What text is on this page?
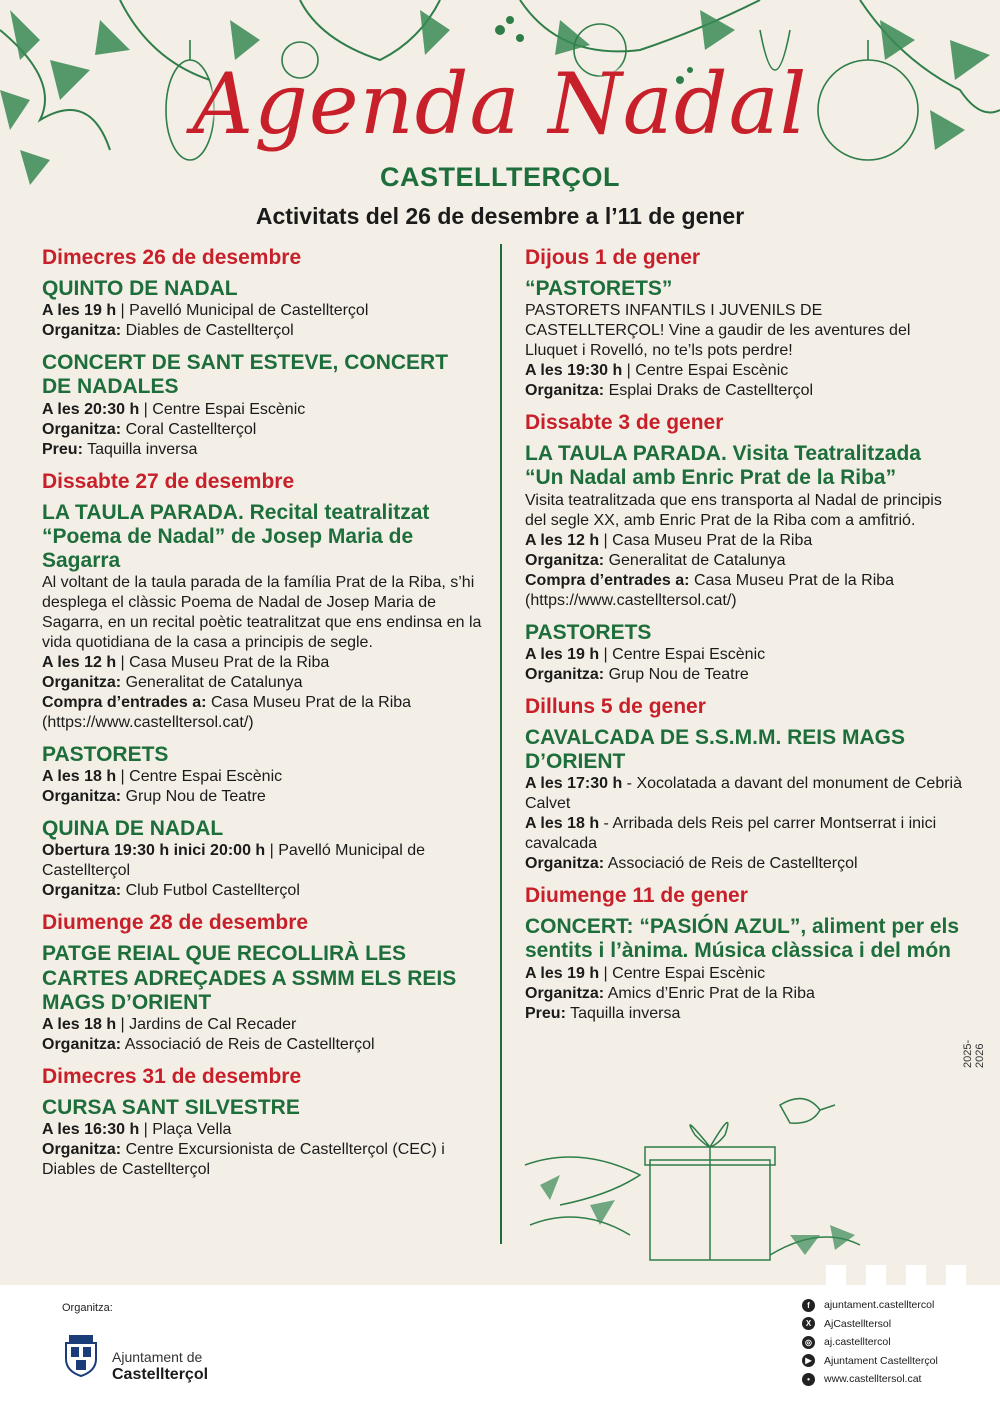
Agenda Nadal
CASTELLTERÇOL
Activitats del 26 de desembre a l’11 de gener
Dimecres 26 de desembre
QUINTO DE NADAL
A les 19 h | Pavelló Municipal de Castellterçol
Organitza: Diables de Castellterçol
CONCERT DE SANT ESTEVE, CONCERT DE NADALES
A les 20:30 h | Centre Espai Escènic
Organitza: Coral Castellterçol
Preu: Taquilla inversa
Dissabte 27 de desembre
LA TAULA PARADA. Recital teatralitzat “Poema de Nadal” de Josep Maria de Sagarra
Al voltant de la taula parada de la família Prat de la Riba, s’hi desplega el clàssic Poema de Nadal de Josep Maria de Sagarra, en un recital poètic teatralitzat que ens endinsa en la vida quotidiana de la casa a principis de segle.
A les 12 h | Casa Museu Prat de la Riba
Organitza: Generalitat de Catalunya
Compra d’entrades a: Casa Museu Prat de la Riba (https://www.castelltersol.cat/)
PASTORETS
A les 18 h | Centre Espai Escènic
Organitza: Grup Nou de Teatre
QUINA DE NADAL
Obertura 19:30 h inici 20:00 h | Pavelló Municipal de Castellterçol
Organitza: Club Futbol Castellterçol
Diumenge 28 de desembre
PATGE REIAL QUE RECOLLIRÀ LES CARTES ADREÇADES A SSMM ELS REIS MAGS D’ORIENT
A les 18 h | Jardins de Cal Recader
Organitza: Associació de Reis de Castellterçol
Dimecres 31 de desembre
CURSA SANT SILVESTRE
A les 16:30 h | Plaça Vella
Organitza: Centre Excursionista de Castellterçol (CEC) i Diables de Castellterçol
Dijous 1 de gener
“PASTORETS”
PASTORETS INFANTILS I JUVENILS DE CASTELLTERÇOL! Vine a gaudir de les aventures del Lluquet i Rovelló, no te’ls pots perdre!
A les 19:30 h | Centre Espai Escènic
Organitza: Esplai Draks de Castellterçol
Dissabte 3 de gener
LA TAULA PARADA. Visita Teatralitzada “Un Nadal amb Enric Prat de la Riba”
Visita teatralitzada que ens transporta al Nadal de principis del segle XX, amb Enric Prat de la Riba com a amfitrió.
A les 12 h | Casa Museu Prat de la Riba
Organitza: Generalitat de Catalunya
Compra d’entrades a: Casa Museu Prat de la Riba (https://www.castelltersol.cat/)
PASTORETS
A les 19 h | Centre Espai Escènic
Organitza: Grup Nou de Teatre
Dilluns 5 de gener
CAVALCADA DE S.S.M.M. REIS MAGS D’ORIENT
A les 17:30 h - Xocolatada a davant del monument de Cebrià Calvet
A les 18 h - Arribada dels Reis pel carrer Montserrat i inici cavalcada
Organitza: Associació de Reis de Castellterçol
Diumenge 11 de gener
CONCERT: “PASIÓN AZUL”, aliment per els sentits i l’ànima. Música clàssica i del món
A les 19 h | Centre Espai Escènic
Organitza: Amics d’Enric Prat de la Riba
Preu: Taquilla inversa
2025-2026
Organitza:
Ajuntament de
Castellterçol
f	ajuntament.castelltercol
X	AjCastelltersol
◎ aj.castelltercol
▶	Ajuntament Castellterçol
•	www.castelltersol.cat
